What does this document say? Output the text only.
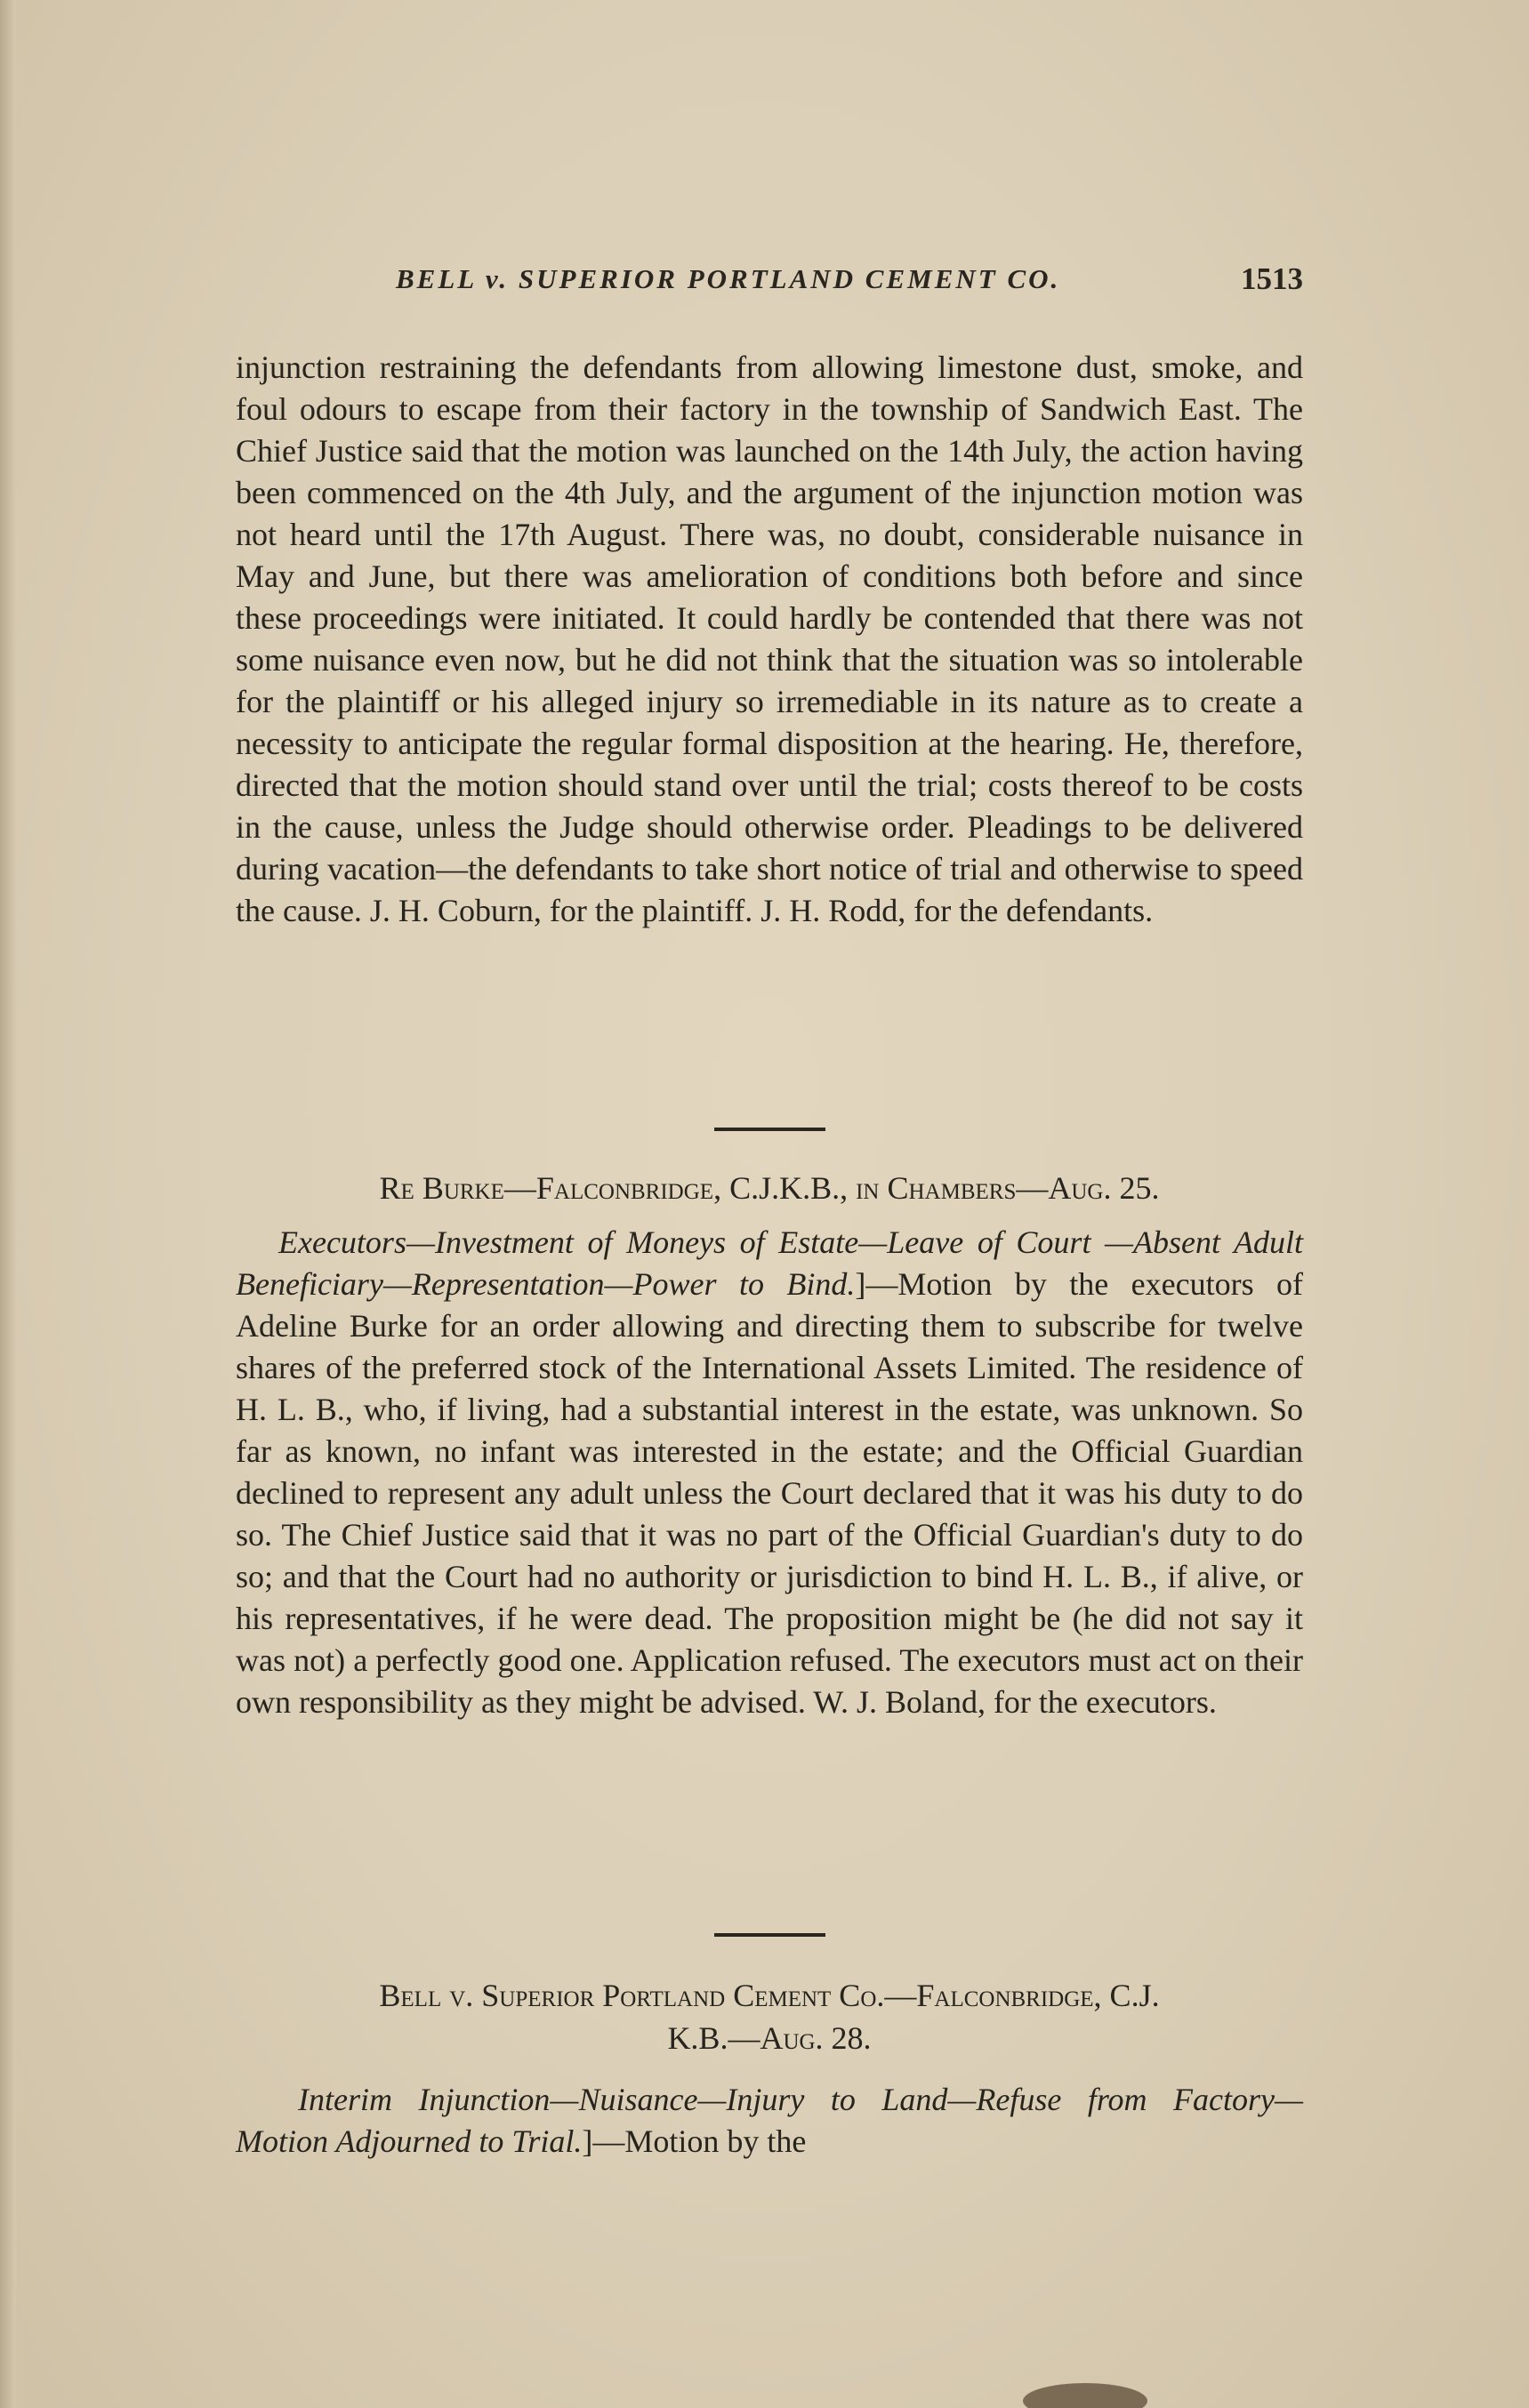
BELL v. SUPERIOR PORTLAND CEMENT CO.	1513

injunction restraining the defendants from allowing limestone dust, smoke, and foul odours to escape from their factory in the township of Sandwich East. The Chief Justice said that the motion was launched on the 14th July, the action having been commenced on the 4th July, and the argument of the injunction motion was not heard until the 17th August. There was, no doubt, considerable nuisance in May and June, but there was amelioration of conditions both before and since these proceedings were initiated. It could hardly be contended that there was not some nuisance even now, but he did not think that the situation was so intolerable for the plaintiff or his alleged injury so irremediable in its nature as to create a necessity to anticipate the regular formal disposition at the hearing. He, therefore, directed that the motion should stand over until the trial; costs thereof to be costs in the cause, unless the Judge should otherwise order. Pleadings to be delivered during vacation—the defendants to take short notice of trial and otherwise to speed the cause. J. H. Coburn, for the plaintiff. J. H. Rodd, for the defendants.

Re Burke—Falconbridge, C.J.K.B., in Chambers—Aug. 25.
Executors—Investment of Moneys of Estate—Leave of Court —Absent Adult Beneficiary—Representation—Power to Bind.]—Motion by the executors of Adeline Burke for an order allowing and directing them to subscribe for twelve shares of the preferred stock of the International Assets Limited. The residence of H. L. B., who, if living, had a substantial interest in the estate, was unknown. So far as known, no infant was interested in the estate; and the Official Guardian declined to represent any adult unless the Court declared that it was his duty to do so. The Chief Justice said that it was no part of the Official Guardian's duty to do so; and that the Court had no authority or jurisdiction to bind H. L. B., if alive, or his representatives, if he were dead. The proposition might be (he did not say it was not) a perfectly good one. Application refused. The executors must act on their own responsibility as they might be advised. W. J. Boland, for the executors.
Bell v. Superior Portland Cement Co.—Falconbridge, C.J.
K.B.—Aug. 28.
Interim Injunction—Nuisance—Injury to Land—Refuse from Factory—Motion Adjourned to Trial.]—Motion by the
